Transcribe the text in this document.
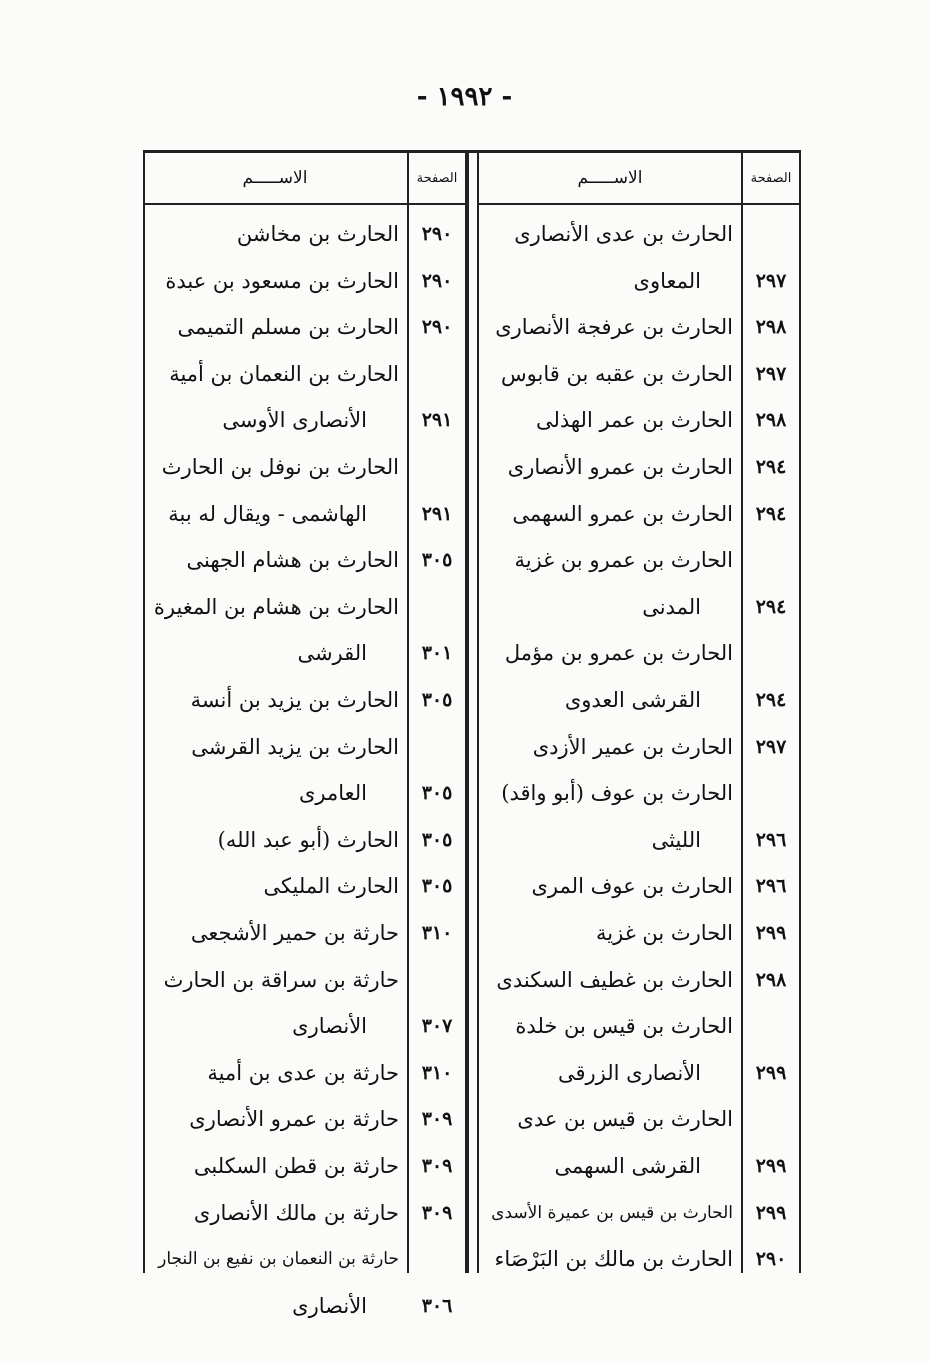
- ١٩٩٢ -
الاســـــم	الصفحة
الحارث بن مخاشن
الحارث بن مسعود بن عبدة
الحارث بن مسلم التميمى
الحارث بن النعمان بن أمية
الأنصارى الأوسى
الحارث بن نوفل بن الحارث
الهاشمى - ويقال له ببة
الحارث بن هشام الجهنى
الحارث بن هشام بن المغيرة
القرشى
الحارث بن يزيد بن أنسة
الحارث بن يزيد القرشى
العامرى
الحارث (أبو عبد الله)
الحارث المليكى
حارثة بن حمير الأشجعى
حارثة بن سراقة بن الحارث
الأنصارى
حارثة بن عدى بن أمية
حارثة بن عمرو الأنصارى
حارثة بن قطن السكلبى
حارثة بن مالك الأنصارى
حارثة بن النعمان بن نفيع بن النجار
الأنصارى
٢٩٠
٢٩٠
٢٩٠
٢٩١
٢٩١
٣٠٥
٣٠١
٣٠٥
٣٠٥
٣٠٥
٣٠٥
٣١٠
٣٠٧
٣١٠
٣٠٩
٣٠٩
٣٠٩
٣٠٦
الاســـــم	الصفحة
الحارث بن عدى الأنصارى
المعاوى
الحارث بن عرفجة الأنصارى
الحارث بن عقبه بن قابوس
الحارث بن عمر الهذلى
الحارث بن عمرو الأنصارى
الحارث بن عمرو السهمى
الحارث بن عمرو بن غزية
المدنى
الحارث بن عمرو بن مؤمل
القرشى العدوى
الحارث بن عمير الأزدى
الحارث بن عوف (أبو واقد)
الليثى
الحارث بن عوف المرى
الحارث بن غزية
الحارث بن غطيف السكندى
الحارث بن قيس بن خلدة
الأنصارى الزرقى
الحارث بن قيس بن عدى
القرشى السهمى
الحارث بن قيس بن عميرة الأسدى
الحارث بن مالك بن البَرْصَاء
٢٩٧
٢٩٨
٢٩٧
٢٩٨
٢٩٤
٢٩٤
٢٩٤
٢٩٤
٢٩٧
٢٩٦
٢٩٦
٢٩٩
٢٩٨
٢٩٩
٢٩٩
٢٩٩
٢٩٠
